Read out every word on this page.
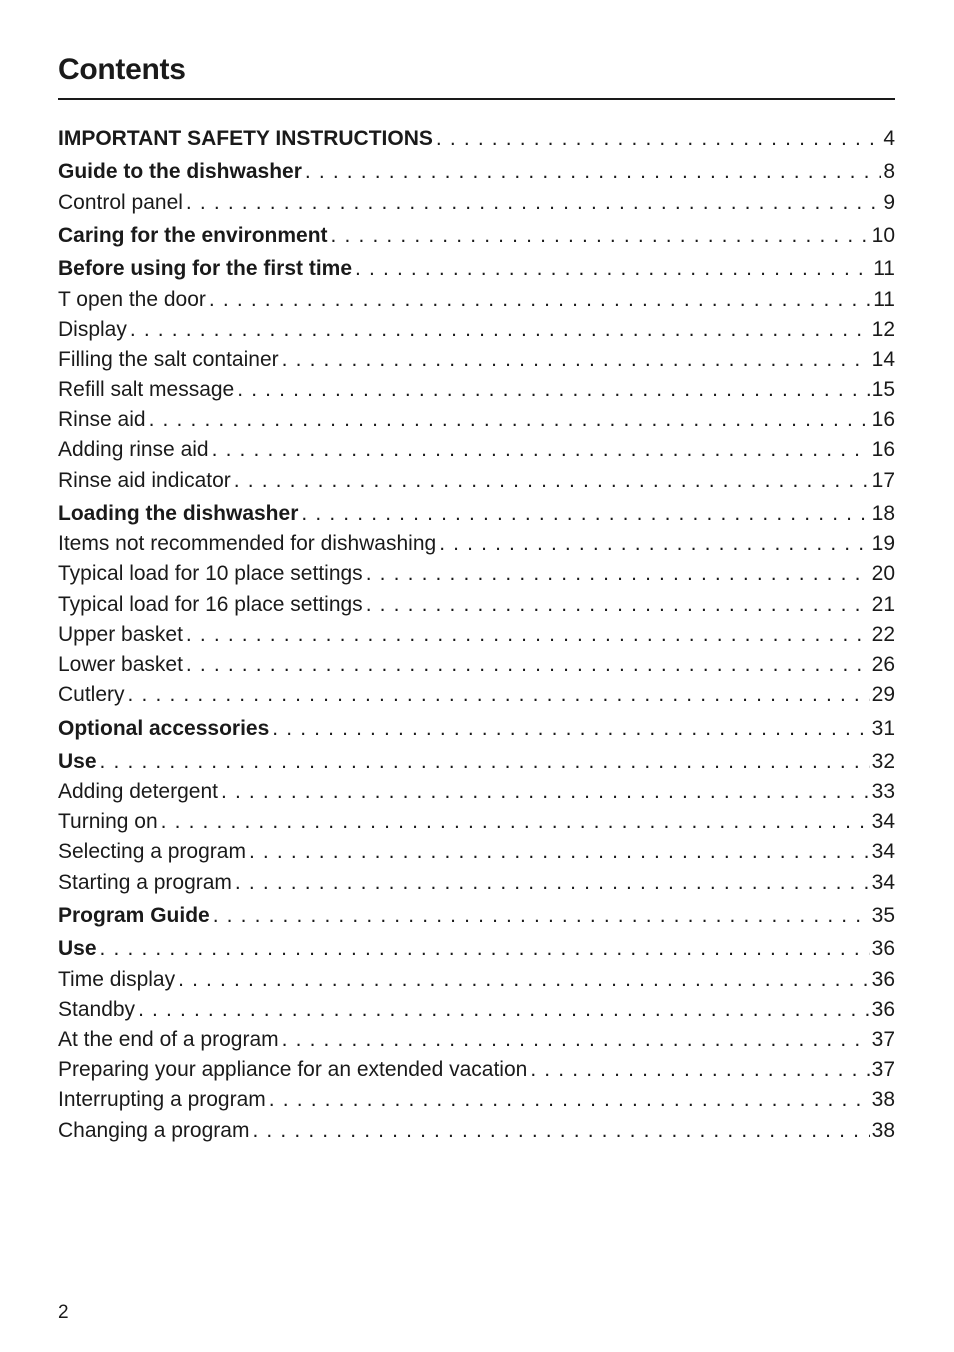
Contents
IMPORTANT SAFETY INSTRUCTIONS . . .	4
Guide to the dishwasher . . .	8
Control panel . . .	9
Caring for the environment . . .	10
Before using for the first time . . .	11
T open the door . . .	11
Display . . .	12
Filling the salt container . . .	14
Refill salt message . . .	15
Rinse aid . . .	16
Adding rinse aid . . .	16
Rinse aid indicator . . .	17
Loading the dishwasher . . .	18
Items not recommended for dishwashing . . .	19
Typical load for 10 place settings . . .	20
Typical load for 16 place settings . . .	21
Upper basket . . .	22
Lower basket . . .	26
Cutlery . . .	29
Optional accessories . . .	31
Use . . .	32
Adding detergent . . .	33
Turning on . . .	34
Selecting a program . . .	34
Starting a program . . .	34
Program Guide . . .	35
Use . . .	36
Time display . . .	36
Standby . . .	36
At the end of a program . . .	37
Preparing your appliance for an extended vacation . . .	37
Interrupting a program . . .	38
Changing a program . . .	38
2
